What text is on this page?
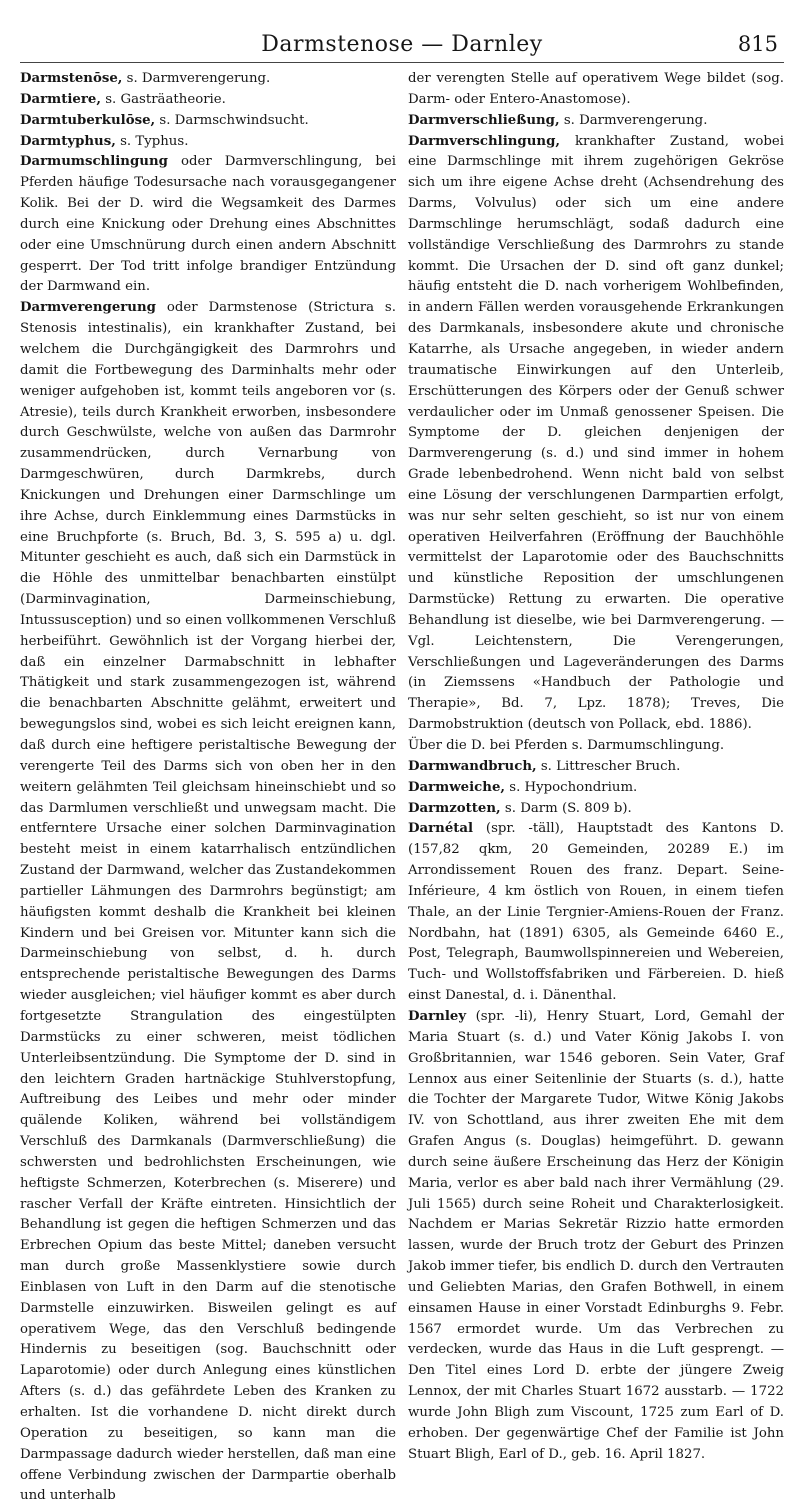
Darmstenose — Darnley	815

Darmstenōse, s. Darmverengerung.

Darmtiere, s. Gasträatheorie.

Darmtuberkulōse, s. Darmschwindsucht.

Darmtyphus, s. Typhus.

Darmumschlingung oder Darmverschlingung, bei Pferden häufige Todesursache nach vorausgegangener Kolik. Bei der D. wird die Wegsamkeit des Darmes durch eine Knickung oder Drehung eines Abschnittes oder eine Umschnürung durch einen andern Abschnitt gesperrt. Der Tod tritt infolge brandiger Entzündung der Darmwand ein.

Darmverengerung oder Darmstenose (Strictura s. Stenosis intestinalis), ein krankhafter Zustand, bei welchem die Durchgängigkeit des Darmrohrs und damit die Fortbewegung des Darminhalts mehr oder weniger aufgehoben ist, kommt teils angeboren vor (s. Atresie), teils durch Krankheit erworben, insbesondere durch Geschwülste, welche von außen das Darmrohr zusammendrücken, durch Vernarbung von Darmgeschwüren, durch Darmkrebs, durch Knickungen und Drehungen einer Darmschlinge um ihre Achse, durch Einklemmung eines Darmstücks in eine Bruchpforte (s. Bruch, Bd. 3, S. 595 a) u. dgl. Mitunter geschieht es auch, daß sich ein Darmstück in die Höhle des unmittelbar benachbarten einstülpt (Darminvagination, Darmeinschiebung, Intussusception) und so einen vollkommenen Verschluß herbeiführt. Gewöhnlich ist der Vorgang hierbei der, daß ein einzelner Darmabschnitt in lebhafter Thätigkeit und stark zusammengezogen ist, während die benachbarten Abschnitte gelähmt, erweitert und bewegungslos sind, wobei es sich leicht ereignen kann, daß durch eine heftigere peristaltische Bewegung der verengerte Teil des Darms sich von oben her in den weitern gelähmten Teil gleichsam hineinschiebt und so das Darmlumen verschließt und unwegsam macht. Die entferntere Ursache einer solchen Darminvagination besteht meist in einem katarrhalisch entzündlichen Zustand der Darmwand, welcher das Zustandekommen partieller Lähmungen des Darmrohrs begünstigt; am häufigsten kommt deshalb die Krankheit bei kleinen Kindern und bei Greisen vor. Mitunter kann sich die Darmeinschiebung von selbst, d. h. durch entsprechende peristaltische Bewegungen des Darms wieder ausgleichen; viel häufiger kommt es aber durch fortgesetzte Strangulation des eingestülpten Darmstücks zu einer schweren, meist tödlichen Unterleibsentzündung. Die Symptome der D. sind in den leichtern Graden hartnäckige Stuhlverstopfung, Auftreibung des Leibes und mehr oder minder quälende Koliken, während bei vollständigem Verschluß des Darmkanals (Darmverschließung) die schwersten und bedrohlichsten Erscheinungen, wie heftigste Schmerzen, Koterbrechen (s. Miserere) und rascher Verfall der Kräfte eintreten. Hinsichtlich der Behandlung ist gegen die heftigen Schmerzen und das Erbrechen Opium das beste Mittel; daneben versucht man durch große Massenklystiere sowie durch Einblasen von Luft in den Darm auf die stenotische Darmstelle einzuwirken. Bisweilen gelingt es auf operativem Wege, das den Verschluß bedingende Hindernis zu beseitigen (sog. Bauchschnitt oder Laparotomie) oder durch Anlegung eines künstlichen Afters (s. d.) das gefährdete Leben des Kranken zu erhalten. Ist die vorhandene D. nicht direkt durch Operation zu beseitigen, so kann man die Darmpassage dadurch wieder herstellen, daß man eine offene Verbindung zwischen der Darmpartie oberhalb und unterhalb

der verengten Stelle auf operativem Wege bildet (sog. Darm- oder Entero-Anastomose).

Darmverschließung, s. Darmverengerung.

Darmverschlingung, krankhafter Zustand, wobei eine Darmschlinge mit ihrem zugehörigen Gekröse sich um ihre eigene Achse dreht (Achsendrehung des Darms, Volvulus) oder sich um eine andere Darmschlinge herumschlägt, sodaß dadurch eine vollständige Verschließung des Darmrohrs zu stande kommt. Die Ursachen der D. sind oft ganz dunkel; häufig entsteht die D. nach vorherigem Wohlbefinden, in andern Fällen werden vorausgehende Erkrankungen des Darmkanals, insbesondere akute und chronische Katarrhe, als Ursache angegeben, in wieder andern traumatische Einwirkungen auf den Unterleib, Erschütterungen des Körpers oder der Genuß schwer verdaulicher oder im Unmaß genossener Speisen. Die Symptome der D. gleichen denjenigen der Darmverengerung (s. d.) und sind immer in hohem Grade lebenbedrohend. Wenn nicht bald von selbst eine Lösung der verschlungenen Darmpartien erfolgt, was nur sehr selten geschieht, so ist nur von einem operativen Heilverfahren (Eröffnung der Bauchhöhle vermittelst der Laparotomie oder des Bauchschnitts und künstliche Reposition der umschlungenen Darmstücke) Rettung zu erwarten. Die operative Behandlung ist dieselbe, wie bei Darmverengerung. — Vgl. Leichtenstern, Die Verengerungen, Verschließungen und Lageveränderungen des Darms (in Ziemssens «Handbuch der Pathologie und Therapie», Bd. 7, Lpz. 1878); Treves, Die Darmobstruktion (deutsch von Pollack, ebd. 1886).

Über die D. bei Pferden s. Darmumschlingung.

Darmwandbruch, s. Littrescher Bruch.

Darmweiche, s. Hypochondrium.

Darmzotten, s. Darm (S. 809 b).

Darnétal (spr. -täll), Hauptstadt des Kantons D. (157,82 qkm, 20 Gemeinden, 20289 E.) im Arrondissement Rouen des franz. Depart. Seine-Inférieure, 4 km östlich von Rouen, in einem tiefen Thale, an der Linie Tergnier-Amiens-Rouen der Franz. Nordbahn, hat (1891) 6305, als Gemeinde 6460 E., Post, Telegraph, Baumwollspinnereien und Webereien, Tuch- und Wollstoffsfabriken und Färbereien. D. hieß einst Danestal, d. i. Dänenthal.

Darnley (spr. -li), Henry Stuart, Lord, Gemahl der Maria Stuart (s. d.) und Vater König Jakobs I. von Großbritannien, war 1546 geboren. Sein Vater, Graf Lennox aus einer Seitenlinie der Stuarts (s. d.), hatte die Tochter der Margarete Tudor, Witwe König Jakobs IV. von Schottland, aus ihrer zweiten Ehe mit dem Grafen Angus (s. Douglas) heimgeführt. D. gewann durch seine äußere Erscheinung das Herz der Königin Maria, verlor es aber bald nach ihrer Vermählung (29. Juli 1565) durch seine Roheit und Charakterlosigkeit. Nachdem er Marias Sekretär Rizzio hatte ermorden lassen, wurde der Bruch trotz der Geburt des Prinzen Jakob immer tiefer, bis endlich D. durch den Vertrauten und Geliebten Marias, den Grafen Bothwell, in einem einsamen Hause in einer Vorstadt Edinburghs 9. Febr. 1567 ermordet wurde. Um das Verbrechen zu verdecken, wurde das Haus in die Luft gesprengt. — Den Titel eines Lord D. erbte der jüngere Zweig Lennox, der mit Charles Stuart 1672 ausstarb. — 1722 wurde John Bligh zum Viscount, 1725 zum Earl of D. erhoben. Der gegenwärtige Chef der Familie ist John Stuart Bligh, Earl of D., geb. 16. April 1827.
